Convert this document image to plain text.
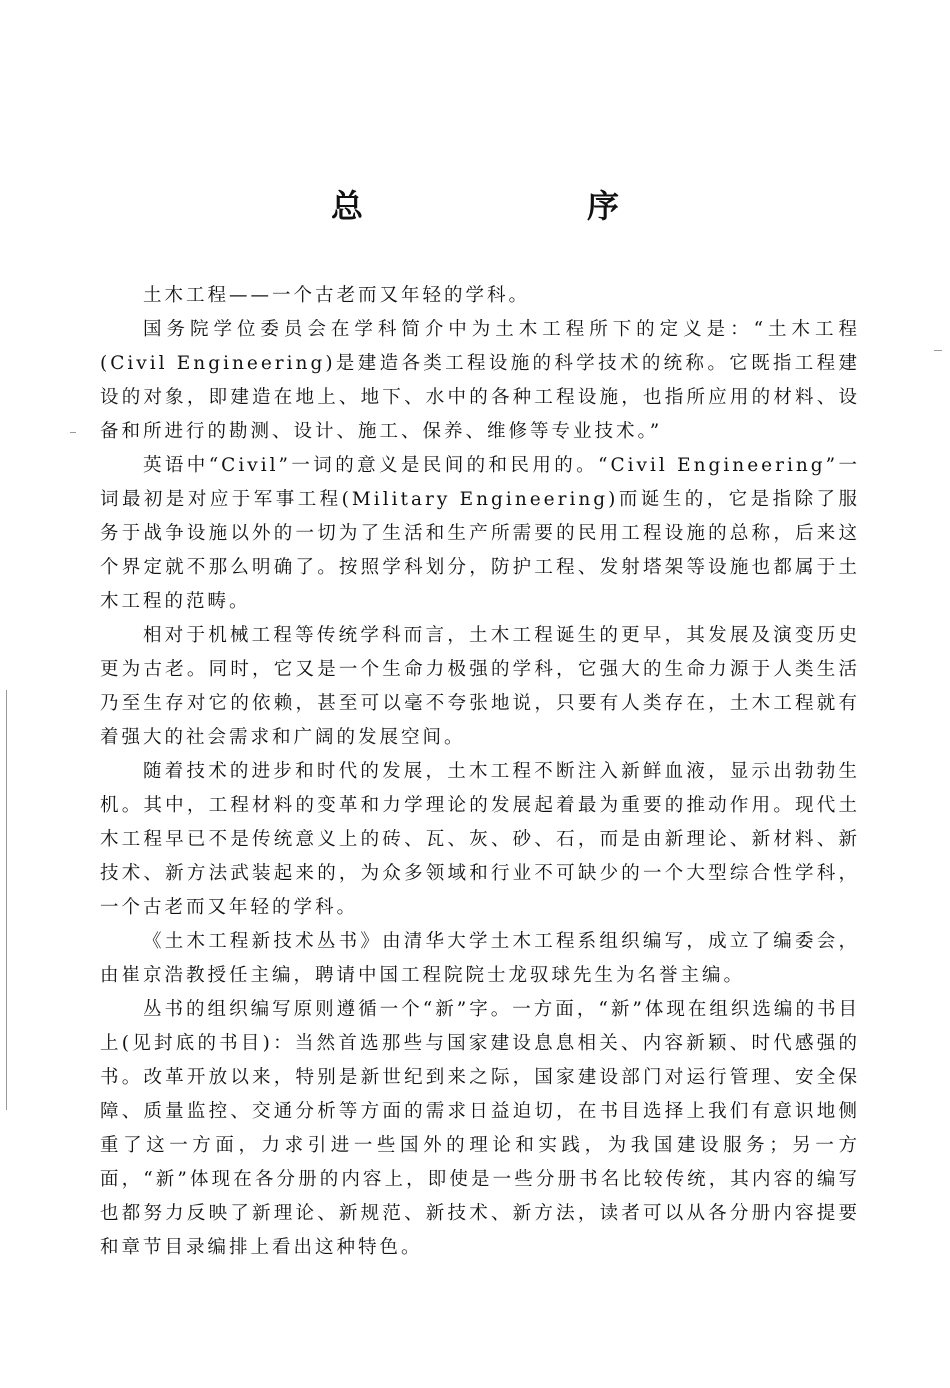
总　序

土木工程——一个古老而又年轻的学科。

国务院学位委员会在学科简介中为土木工程所下的定义是：“土木工程(Civil Engineering)是建造各类工程设施的科学技术的统称。它既指工程建设的对象，即建造在地上、地下、水中的各种工程设施，也指所应用的材料、设备和所进行的勘测、设计、施工、保养、维修等专业技术。”

英语中“Civil”一词的意义是民间的和民用的。“Civil Engineering”一词最初是对应于军事工程(Military Engineering)而诞生的，它是指除了服务于战争设施以外的一切为了生活和生产所需要的民用工程设施的总称，后来这个界定就不那么明确了。按照学科划分，防护工程、发射塔架等设施也都属于土木工程的范畴。

相对于机械工程等传统学科而言，土木工程诞生的更早，其发展及演变历史更为古老。同时，它又是一个生命力极强的学科，它强大的生命力源于人类生活乃至生存对它的依赖，甚至可以毫不夸张地说，只要有人类存在，土木工程就有着强大的社会需求和广阔的发展空间。

随着技术的进步和时代的发展，土木工程不断注入新鲜血液，显示出勃勃生机。其中，工程材料的变革和力学理论的发展起着最为重要的推动作用。现代土木工程早已不是传统意义上的砖、瓦、灰、砂、石，而是由新理论、新材料、新技术、新方法武装起来的，为众多领域和行业不可缺少的一个大型综合性学科，一个古老而又年轻的学科。

《土木工程新技术丛书》由清华大学土木工程系组织编写，成立了编委会，由崔京浩教授任主编，聘请中国工程院院士龙驭球先生为名誉主编。

丛书的组织编写原则遵循一个“新”字。一方面，“新”体现在组织选编的书目上(见封底的书目)：当然首选那些与国家建设息息相关、内容新颖、时代感强的书。改革开放以来，特别是新世纪到来之际，国家建设部门对运行管理、安全保障、质量监控、交通分析等方面的需求日益迫切，在书目选择上我们有意识地侧重了这一方面，力求引进一些国外的理论和实践，为我国建设服务；另一方面，“新”体现在各分册的内容上，即使是一些分册书名比较传统，其内容的编写也都努力反映了新理论、新规范、新技术、新方法，读者可以从各分册内容提要和章节目录编排上看出这种特色。
